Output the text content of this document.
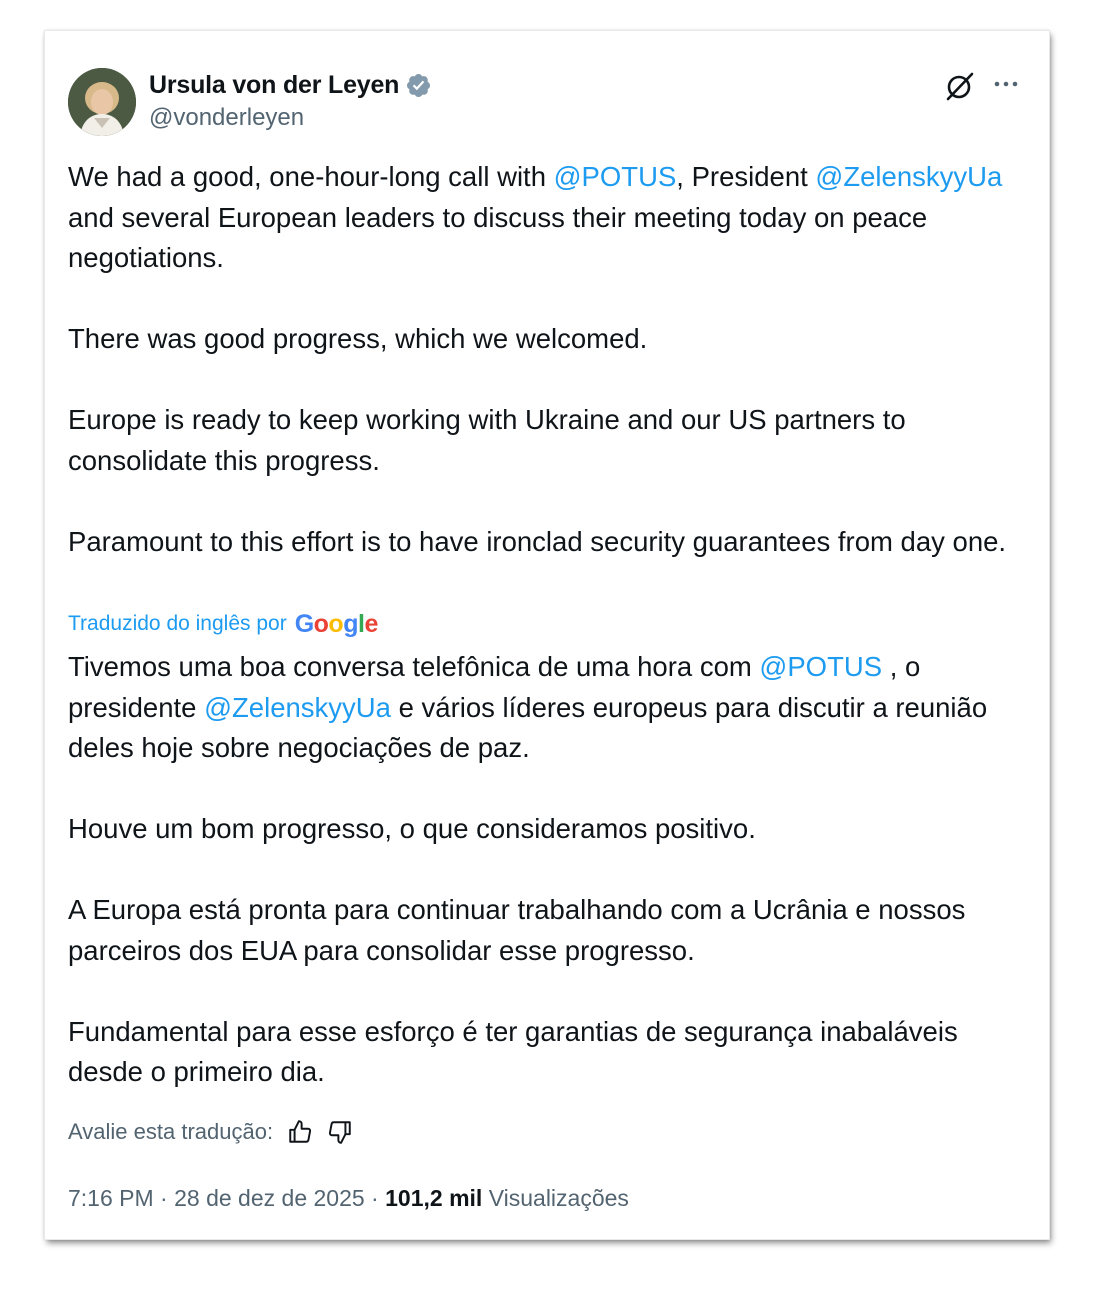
Ursula von der Leyen
@vonderleyen

We had a good, one-hour-long call with @POTUS, President @ZelenskyyUa and several European leaders to discuss their meeting today on peace negotiations.

There was good progress, which we welcomed.

Europe is ready to keep working with Ukraine and our US partners to consolidate this progress.

Paramount to this effort is to have ironclad security guarantees from day one.

Traduzido do inglês por Google

Tivemos uma boa conversa telefônica de uma hora com @POTUS , o presidente @ZelenskyyUa e vários líderes europeus para discutir a reunião deles hoje sobre negociações de paz.

Houve um bom progresso, o que consideramos positivo.

A Europa está pronta para continuar trabalhando com a Ucrânia e nossos parceiros dos EUA para consolidar esse progresso.

Fundamental para esse esforço é ter garantias de segurança inabaláveis desde o primeiro dia.

Avalie esta tradução:
7:16 PM · 28 de dez de 2025 · 101,2 mil
Visualizações
